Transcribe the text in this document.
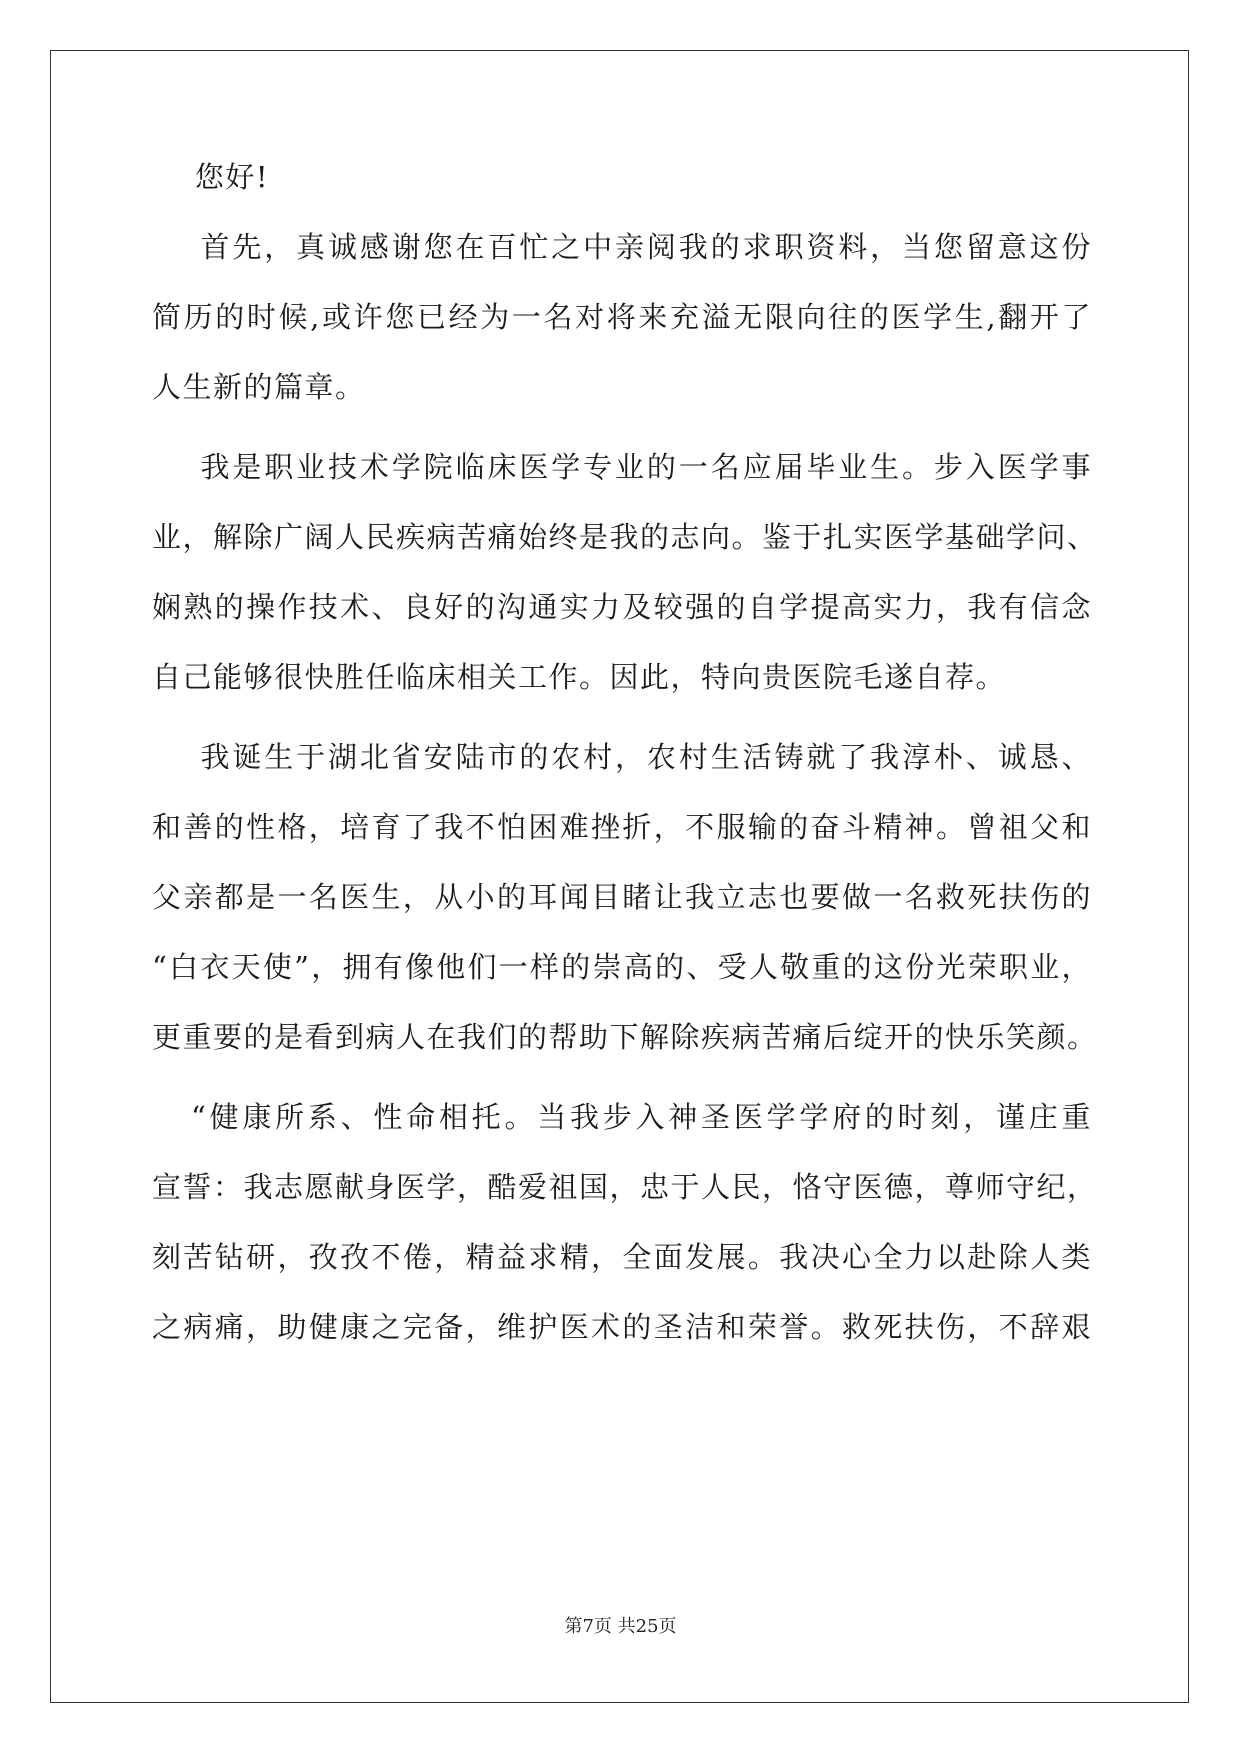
您好!
首先，真诚感谢您在百忙之中亲阅我的求职资料，当您留意这份
简历的时候,或许您已经为一名对将来充溢无限向往的医学生,翻开了
人生新的篇章。
我是职业技术学院临床医学专业的一名应届毕业生。步入医学事
业，解除广阔人民疾病苦痛始终是我的志向。鉴于扎实医学基础学问、
娴熟的操作技术、良好的沟通实力及较强的自学提高实力，我有信念
自己能够很快胜任临床相关工作。因此，特向贵医院毛遂自荐。
我诞生于湖北省安陆市的农村，农村生活铸就了我淳朴、诚恳、
和善的性格，培育了我不怕困难挫折，不服输的奋斗精神。曾祖父和
父亲都是一名医生，从小的耳闻目睹让我立志也要做一名救死扶伤的
“白衣天使”，拥有像他们一样的崇高的、受人敬重的这份光荣职业，
更重要的是看到病人在我们的帮助下解除疾病苦痛后绽开的快乐笑颜。
“健康所系、性命相托。当我步入神圣医学学府的时刻，谨庄重
宣誓：我志愿献身医学，酷爱祖国，忠于人民，恪守医德，尊师守纪，
刻苦钻研，孜孜不倦，精益求精，全面发展。我决心全力以赴除人类
之病痛，助健康之完备，维护医术的圣洁和荣誉。救死扶伤，不辞艰
第7页 共25页
